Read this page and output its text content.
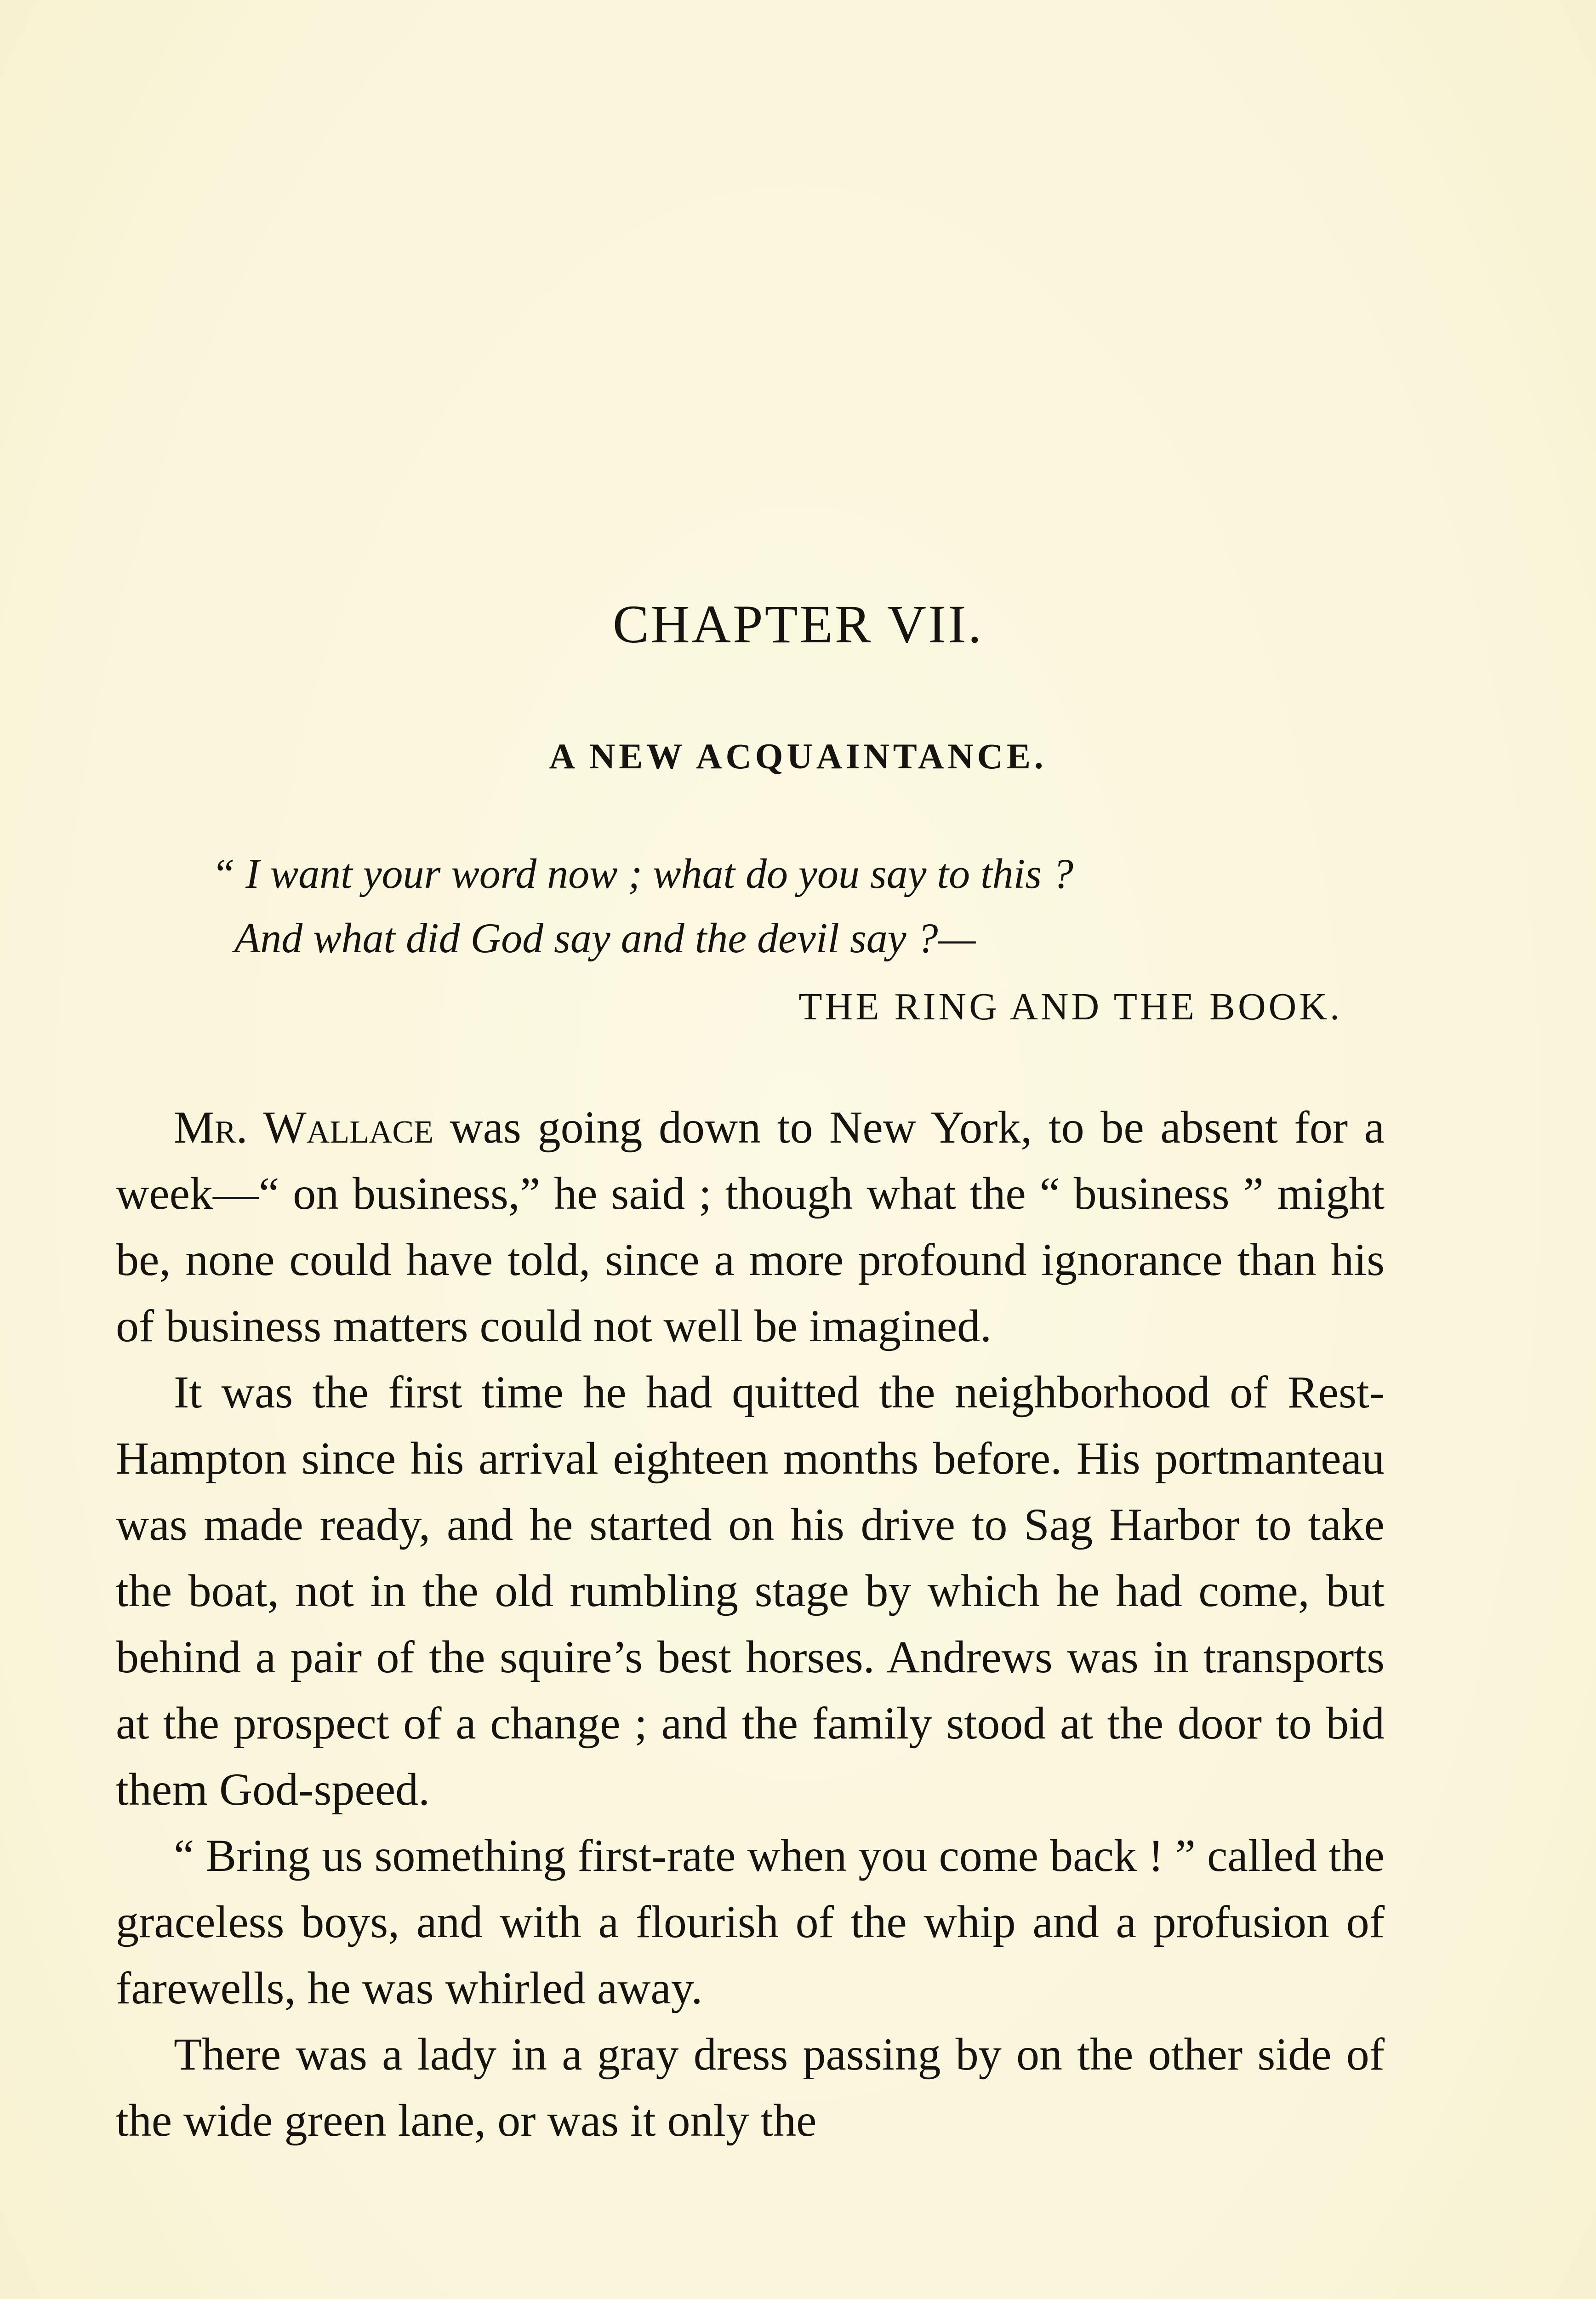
CHAPTER VII.
A NEW ACQUAINTANCE.
“ I want your word now ; what do you say to this ?
And what did God say and the devil say ?—
THE RING AND THE BOOK.

Mr. Wallace was going down to New York, to be absent for a week—“ on business,” he said ; though what the “ business ” might be, none could have told, since a more profound ignorance than his of business matters could not well be imagined.

It was the first time he had quitted the neighborhood of Rest-Hampton since his arrival eighteen months before. His portmanteau was made ready, and he started on his drive to Sag Harbor to take the boat, not in the old rumbling stage by which he had come, but behind a pair of the squire’s best horses. Andrews was in transports at the prospect of a change ; and the family stood at the door to bid them God-speed.

“ Bring us something first-rate when you come back ! ” called the graceless boys, and with a flourish of the whip and a profusion of farewells, he was whirled away.

There was a lady in a gray dress passing by on the other side of the wide green lane, or was it only the
